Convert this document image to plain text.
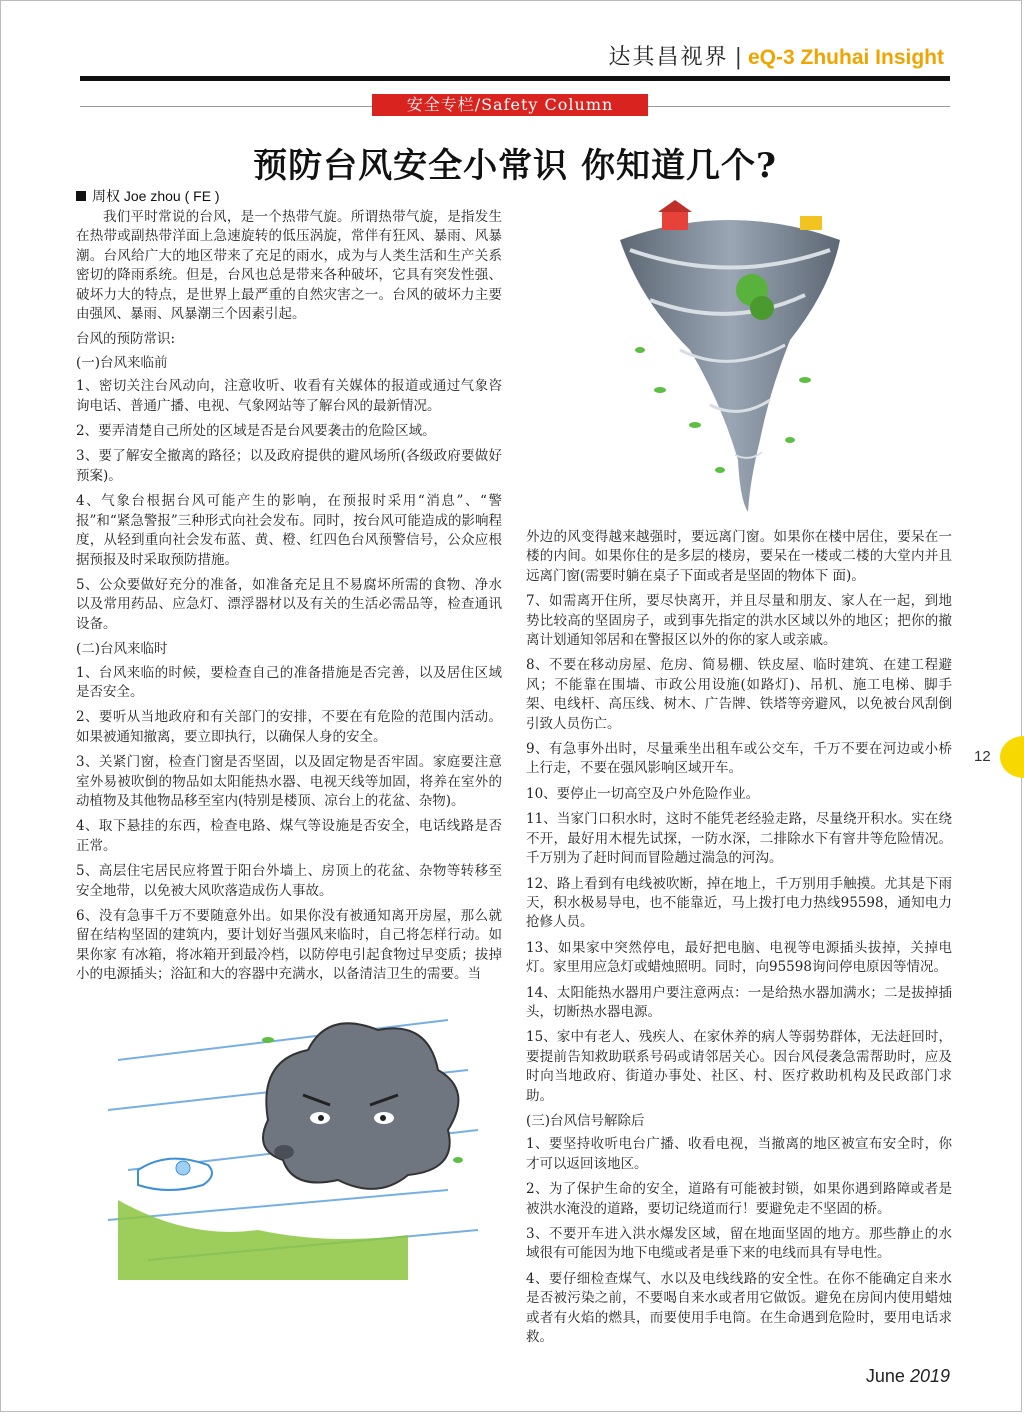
达其昌视界 | eQ-3 Zhuhai Insight
安全专栏/Safety Column
预防台风安全小常识 你知道几个?
周权 Joe zhou ( FE )

我们平时常说的台风，是一个热带气旋。所谓热带气旋，是指发生在热带或副热带洋面上急速旋转的低压涡旋，常伴有狂风、暴雨、风暴潮。台风给广大的地区带来了充足的雨水，成为与人类生活和生产关系密切的降雨系统。但是，台风也总是带来各种破坏，它具有突发性强、破坏力大的特点，是世界上最严重的自然灾害之一。台风的破坏力主要由强风、暴雨、风暴潮三个因素引起。

台风的预防常识:

(一)台风来临前

1、密切关注台风动向，注意收听、收看有关媒体的报道或通过气象咨询电话、普通广播、电视、气象网站等了解台风的最新情况。

2、要弄清楚自己所处的区域是否是台风要袭击的危险区域。

3、要了解安全撤离的路径；以及政府提供的避风场所(各级政府要做好预案)。

4、气象台根据台风可能产生的影响，在预报时采用“消息”、“警报”和“紧急警报”三种形式向社会发布。同时，按台风可能造成的影响程度，从轻到重向社会发布蓝、黄、橙、红四色台风预警信号，公众应根据预报及时采取预防措施。

5、公众要做好充分的准备，如准备充足且不易腐坏所需的食物、净水以及常用药品、应急灯、漂浮器材以及有关的生活必需品等，检查通讯设备。

(二)台风来临时

1、台风来临的时候，要检查自己的准备措施是否完善，以及居住区域是否安全。

2、要听从当地政府和有关部门的安排，不要在有危险的范围内活动。如果被通知撤离，要立即执行，以确保人身的安全。

3、关紧门窗，检查门窗是否坚固，以及固定物是否牢固。家庭要注意室外易被吹倒的物品如太阳能热水器、电视天线等加固，将养在室外的动植物及其他物品移至室内(特别是楼顶、凉台上的花盆、杂物)。

4、取下悬挂的东西，检查电路、煤气等设施是否安全，电话线路是否正常。

5、高层住宅居民应将置于阳台外墙上、房顶上的花盆、杂物等转移至安全地带，以免被大风吹落造成伤人事故。

6、没有急事千万不要随意外出。如果你没有被通知离开房屋，那么就留在结构坚固的建筑内，要计划好当强风来临时，自己将怎样行动。如果你家 有冰箱，将冰箱开到最冷档，以防停电引起食物过早变质；拔掉小的电源插头；浴缸和大的容器中充满水，以备清洁卫生的需要。当

外边的风变得越来越强时，要远离门窗。如果你在楼中居住，要呆在一楼的内间。如果你住的是多层的楼房，要呆在一楼或二楼的大堂内并且远离门窗(需要时躺在桌子下面或者是坚固的物体下 面)。

7、如需离开住所，要尽快离开，并且尽量和朋友、家人在一起，到地势比较高的坚固房子，或到事先指定的洪水区域以外的地区；把你的撤离计划通知邻居和在警报区以外的你的家人或亲戚。

8、不要在移动房屋、危房、简易棚、铁皮屋、临时建筑、在建工程避风；不能靠在围墙、市政公用设施(如路灯)、吊机、施工电梯、脚手架、电线杆、高压线、树木、广告牌、铁塔等旁避风，以免被台风刮倒引致人员伤亡。

9、有急事外出时，尽量乘坐出租车或公交车，千万不要在河边或小桥上行走，不要在强风影响区域开车。

10、要停止一切高空及户外危险作业。

11、当家门口积水时，这时不能凭老经验走路，尽量绕开积水。实在绕不开，最好用木棍先试探，一防水深，二排除水下有窨井等危险情况。千万别为了赶时间而冒险趟过湍急的河沟。

12、路上看到有电线被吹断，掉在地上，千万别用手触摸。尤其是下雨天，积水极易导电，也不能靠近，马上拨打电力热线95598，通知电力抢修人员。

13、如果家中突然停电，最好把电脑、电视等电源插头拔掉，关掉电灯。家里用应急灯或蜡烛照明。同时，向95598询问停电原因等情况。

14、太阳能热水器用户要注意两点：一是给热水器加满水；二是拔掉插头，切断热水器电源。

15、家中有老人、残疾人、在家休养的病人等弱势群体，无法赶回时，要提前告知救助联系号码或请邻居关心。因台风侵袭急需帮助时，应及时向当地政府、街道办事处、社区、村、医疗救助机构及民政部门求助。

(三)台风信号解除后

1、要坚持收听电台广播、收看电视，当撤离的地区被宣布安全时，你才可以返回该地区。

2、为了保护生命的安全，道路有可能被封锁，如果你遇到路障或者是被洪水淹没的道路，要切记绕道而行！要避免走不坚固的桥。

3、不要开车进入洪水爆发区域，留在地面坚固的地方。那些静止的水域很有可能因为地下电缆或者是垂下来的电线而具有导电性。

4、要仔细检查煤气、水以及电线线路的安全性。在你不能确定自来水是否被污染之前，不要喝自来水或者用它做饭。避免在房间内使用蜡烛或者有火焰的燃具，而要使用手电筒。在生命遇到危险时，要用电话求救。

12
June 2019
